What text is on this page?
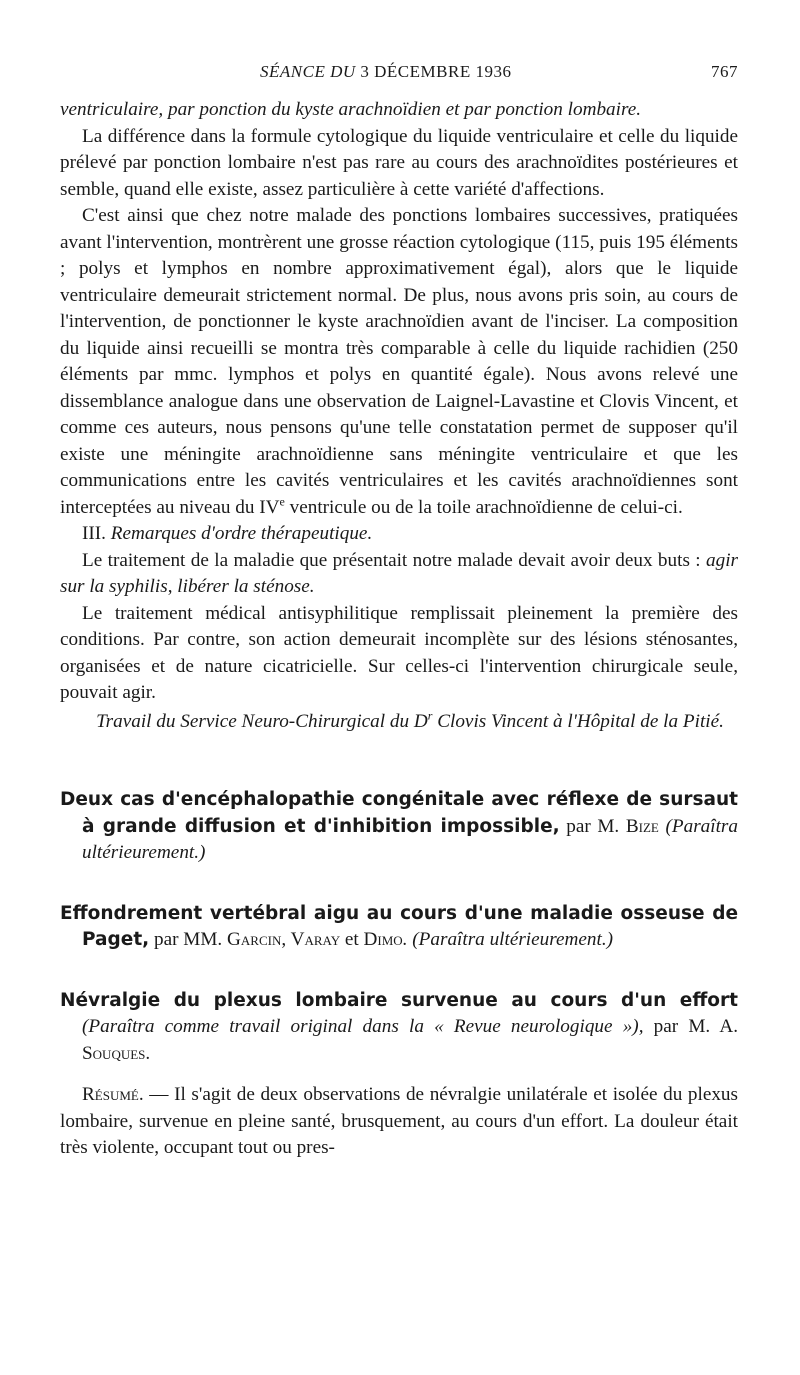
SÉANCE DU 3 DÉCEMBRE 1936	767

ventriculaire, par ponction du kyste arachnoïdien et par ponction lombaire.

La différence dans la formule cytologique du liquide ventriculaire et celle du liquide prélevé par ponction lombaire n'est pas rare au cours des arachnoïdites postérieures et semble, quand elle existe, assez particulière à cette variété d'affections.

C'est ainsi que chez notre malade des ponctions lombaires successives, pratiquées avant l'intervention, montrèrent une grosse réaction cytologique (115, puis 195 éléments ; polys et lymphos en nombre approximativement égal), alors que le liquide ventriculaire demeurait strictement normal. De plus, nous avons pris soin, au cours de l'intervention, de ponctionner le kyste arachnoïdien avant de l'inciser. La composition du liquide ainsi recueilli se montra très comparable à celle du liquide rachidien (250 éléments par mmc. lymphos et polys en quantité égale). Nous avons relevé une dissemblance analogue dans une observation de Laignel-Lavastine et Clovis Vincent, et comme ces auteurs, nous pensons qu'une telle constatation permet de supposer qu'il existe une méningite arachnoïdienne sans méningite ventriculaire et que les communications entre les cavités ventriculaires et les cavités arachnoïdiennes sont interceptées au niveau du IVe ventricule ou de la toile arachnoïdienne de celui-ci.

III. Remarques d'ordre thérapeutique.

Le traitement de la maladie que présentait notre malade devait avoir deux buts : agir sur la syphilis, libérer la sténose.

Le traitement médical antisyphilitique remplissait pleinement la première des conditions. Par contre, son action demeurait incomplète sur des lésions sténosantes, organisées et de nature cicatricielle. Sur celles-ci l'intervention chirurgicale seule, pouvait agir.

Travail du Service Neuro-Chirurgical du $D^r$ Clovis Vincent à l'Hôpital de la Pitié.

Deux cas d'encéphalopathie congénitale avec réflexe de sursaut à grande diffusion et d'inhibition impossible, par M. Bize (Paraîtra ultérieurement.)

Effondrement vertébral aigu au cours d'une maladie osseuse de Paget, par MM. Garcin, Varay et Dimo. (Paraîtra ultérieurement.)

Névralgie du plexus lombaire survenue au cours d'un effort (Paraîtra comme travail original dans la « Revue neurologique »), par M. A. Souques.

Résumé. — Il s'agit de deux observations de névralgie unilatérale et isolée du plexus lombaire, survenue en pleine santé, brusquement, au cours d'un effort. La douleur était très violente, occupant tout ou pres-
